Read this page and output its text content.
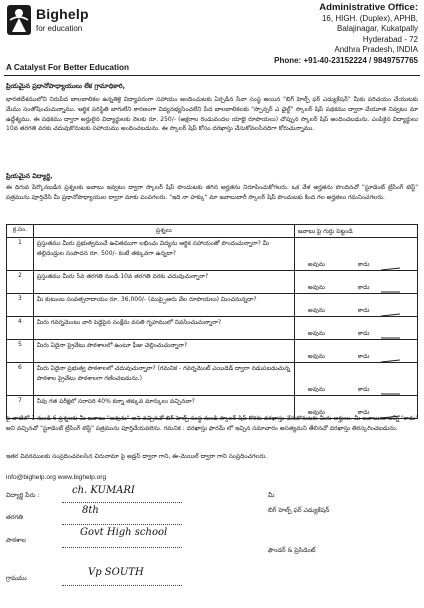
Bighelp
for education
A Catalyst For Better Education
Administrative Office:
16, HIGH. (Duplex), APHB,
Balajinagar, Kukatpally
Hyderabad - 72
Andhra Pradesh, INDIA
Phone: +91-40-23152224 / 9849757765
ప్రియమైన ప్రధానోపాధ్యాయులు లేక గ్రామాధికారి,
భారతదేశములోని నిరుపేద బాలబాలికల ఉన్నతికై విద్యాపరంగా సహాయం అందించుటకు ఏర్పడిన సేవా సంస్థ అయిన "బిగ్ హెల్ప్ ఫర్ ఎడ్యుకేషన్" మీకు పరిచయం చేయుటకు మేము సంతోషించుచున్నాము. ఆర్థిక పరిస్థితి బాగులేని కారణంగా విద్యనభ్యసించలేని పేద బాలబాలికలకు "స్పాన్సర్ ఎ ఛైల్డ్" స్కాలర్ షిప్ పథకము ద్వారా చేయూత నివ్వటం మా ఉద్దేశ్యము. ఈ పథకము ద్వారా అర్హులైన విద్యార్థులకు నెలకు రూ. 250/- (అక్షరాల రెండువందల యాభై రూపాయలు) చొప్పున స్కాలర్ షిప్ అందించబడును. ఎంపికైన విద్యార్థులు 10వ తరగతి వరకు చదువుకొనుటకు సహాయము అందించబడును. ఈ స్కాలర్ షిప్ కోసం దరఖాస్తు చేసుకోవలసినదిగా కోరుచున్నాము.
ప్రియమైన విద్యార్థి,
ఈ దిగువ పేర్కొనబడిన ప్రశ్నలకు జవాబు ఇవ్వటం ద్వారా స్కాలర్ షిప్ పొందుటకు తగిన అర్హతను నిరూపించుకోగలరు. ఒక వేళ అర్హతను పొందినచో "స్టూడెంట్ ట్రేసింగ్ టెస్ట్" పత్రమును పూర్తిచేసి మీ ప్రధానోపాధ్యాయుల ద్వారా మాకు పంపగలరు. "ఇది నా హక్కు" మా జవాబుదారీ స్కాలర్ షిప్ పొందుటకు కింద గల అర్హతలు గమనించగలరు.
క్ర.సం.	ప్రశ్నలు	జవాబు పై గుర్తు పెట్టండి
1	ప్రస్తుతము మీరు ప్రభుత్వముచే ఉచితముగా లభించు విద్యను ఆర్థిక సహాయంతో పొందుచున్నారా? మీ తల్లిదండ్రుల సంపాదన రూ. 500/- కంటే తక్కువగా ఉన్నదా?	అవును కాదు

2	ప్రస్తుతము మీరు 5వ తరగతి నుండి 10వ తరగతి వరకు చదువుచున్నారా?	అవును కాదు

3	మీ కుటుంబ సంవత్సరాదాయం రూ. 36,000/- (ముప్పైఆరు వేల రూపాయలు) మించనున్నదా?	అవును కాదు

4	మీరు గవర్నమెంటు వారి పెద్దెపైన సంక్షేమ వసతి గృహములో నివసించుచున్నారా?	అవును కాదు

5	మీరు ఏదైనా ప్రైవేటు పాఠశాలలో ఉంటూ ఫీజు చెల్లించుచున్నారా?	అవును కాదు

6	మీరు ఏదైనా ప్రభుత్వ పాఠశాలలో చదువుచున్నారా? (గమనిక - గవర్నమెంట్ ఎయిడెడ్ ద్వారా నడుపబడుచున్న పాఠశాల ప్రైవేటు పాఠశాలగా గణించబడును.)	అవును కాదు

7	నీవు గత పరీక్షలో సరాసరి 40% కన్నా తక్కువ మార్కులు వచ్చినవా?	అవును కాదు
పై వాటిలో 1 నుండి 6 ప్రశ్నలకు మీ జవాబు "అవును" అని వచ్చినచో బిగ్ హెల్ప్ సంస్థ నుండి స్కాలర్ షిప్ కొరకు దరఖాస్తు చేసుకొనుటకు మీరు అర్హులు. మీ జవాబులు అన్నీ "కాదు" అని వచ్చినచో "స్టూడెంట్ ట్రేసింగ్ టెస్ట్" పత్రమును పూర్తిచేయవలెను. గమనిక : దరఖాస్తు ఫారమ్ లో ఇచ్చిన సమాచారం అసత్యమని తేలినచో దరఖాస్తు తిరస్కరించబడును.
ఇతర వివరములకు సంప్రదించవలసిన చిరునామా పై అడ్రస్ ద్వారా గాని, ఈ-మెయిల్ ద్వారా గాని సంప్రదించగలరు.
info@bighelp.org www.bighelp.org
విద్యార్థి పేరు :	ch. KUMARI
తరగతి
8th
పాఠశాల
Govt High school
గ్రామము
Vp SOUTH
మీ
బిగ్ హెల్ప్ ఫర్ ఎడ్యుకేషన్
ఫౌండర్ & ప్రెసిడెంట్
